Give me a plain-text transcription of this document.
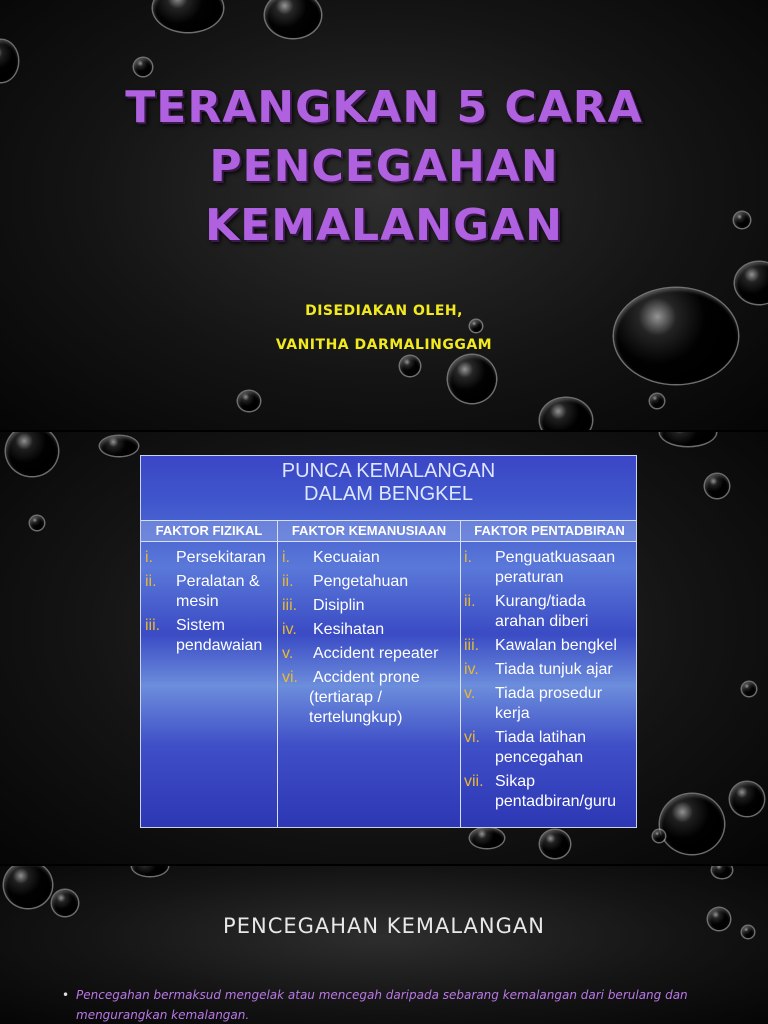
TERANGKAN 5 CARA
PENCEGAHAN
KEMALANGAN
DISEDIAKAN OLEH,
VANITHA DARMALINGGAM
PUNCA KEMALANGAN
DALAM BENGKEL
FAKTOR FIZIKAL	FAKTOR KEMANUSIAAN	FAKTOR PENTADBIRAN
i.	Persekitaran
ii.	Peralatan & mesin
iii. Sistem pendawaian
i.	Kecuaian
ii.	Pengetahuan
iii. Disiplin
iv.	Kesihatan
v.	Accident repeater
vi. Accident prone
(tertiarap / tertelungkup)
i.	Penguatkuasaan peraturan
ii.	Kurang/tiada arahan diberi
iii. Kawalan bengkel
iv.	Tiada tunjuk ajar
v.	Tiada prosedur kerja
vi. Tiada latihan pencegahan
vii. Sikap pentadbiran/guru
PENCEGAHAN KEMALANGAN
• Pencegahan bermaksud mengelak atau mencegah daripada sebarang kemalangan dari berulang dan mengurangkan kemalangan.
